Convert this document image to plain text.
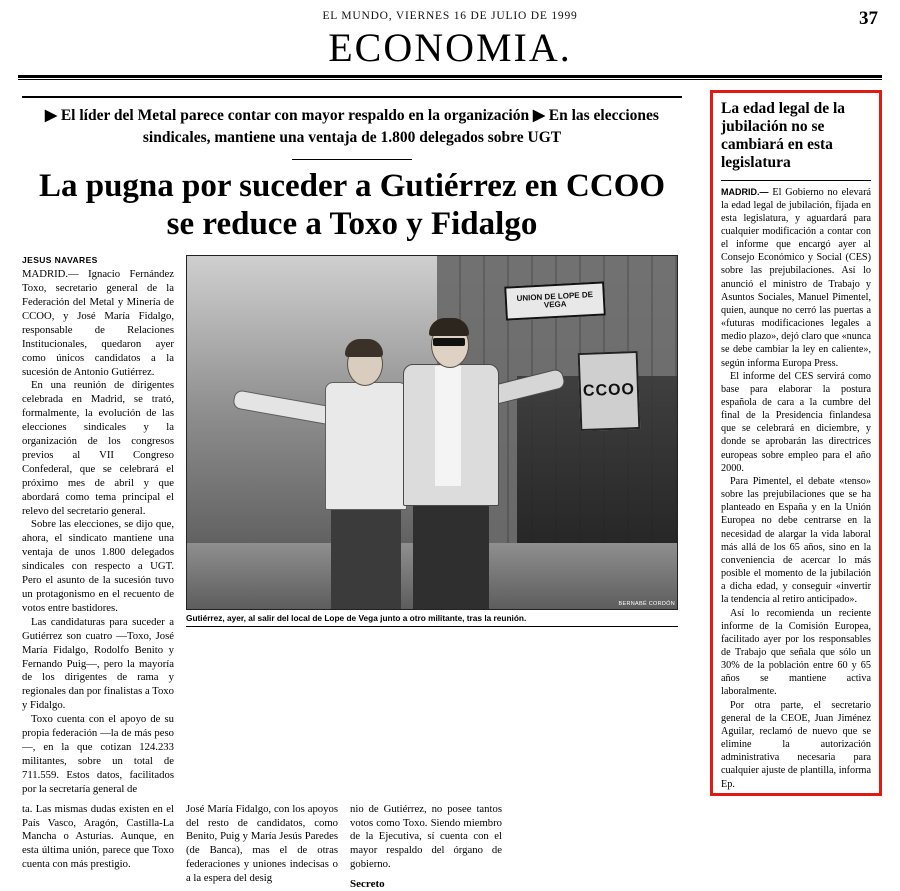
37
EL MUNDO, VIERNES 16 DE JULIO DE 1999
ECONOMIA.
▶ El líder del Metal parece contar con mayor respaldo en la organización ▶ En las elecciones sindicales, mantiene una ventaja de 1.800 delegados sobre UGT
La pugna por suceder a Gutiérrez en CCOO se reduce a Toxo y Fidalgo
JESUS NAVARES

MADRID.— Ignacio Fernández Toxo, secretario general de la Federación del Metal y Minería de CCOO, y José María Fidalgo, responsable de Relaciones Institucionales, quedaron ayer como únicos candidatos a la sucesión de Antonio Gutiérrez.

En una reunión de dirigentes celebrada en Madrid, se trató, formalmente, la evolución de las elecciones sindicales y la organización de los congresos previos al VII Congreso Confederal, que se celebrará el próximo mes de abril y que abordará como tema principal el relevo del secretario general.

Sobre las elecciones, se dijo que, ahora, el sindicato mantiene una ventaja de unos 1.800 delegados sindicales con respecto a UGT. Pero el asunto de la sucesión tuvo un protagonismo en el recuento de votos entre bastidores.

Las candidaturas para suceder a Gutiérrez son cuatro —Toxo, José María Fidalgo, Rodolfo Benito y Fernando Puig—, pero la mayoría de los dirigentes de rama y regionales dan por finalistas a Toxo y Fidalgo.

Toxo cuenta con el apoyo de su propia federación —la de más peso—, en la que cotizan 124.233 militantes, sobre un total de 711.559. Estos datos, facilitados por la secretaría general de

UNION DE LOPE DE VEGA
CCOO
BERNABÉ CORDÓN
Gutiérrez, ayer, al salir del local de Lope de Vega junto a otro militante, tras la reunión.

ta. Las mismas dudas existen en el País Vasco, Aragón, Castilla-La Mancha o Asturias. Aunque, en esta última unión, parece que Toxo cuenta con más prestigio.

José María Fidalgo, con los apoyos del resto de candidatos, como Benito, Puig y María Jesús Paredes (de Banca), mas el de otras federaciones y uniones indecisas o a la espera del desig

nio de Gutiérrez, no posee tantos votos como Toxo. Siendo miembro de la Ejecutiva, sí cuenta con el mayor respaldo del órgano de gobierno.

Secreto
La edad legal de la jubilación no se cambiará en esta legislatura

MADRID.— El Gobierno no elevará la edad legal de jubilación, fijada en esta legislatura, y aguardará para cualquier modificación a contar con el informe que encargó ayer al Consejo Económico y Social (CES) sobre las prejubilaciones. Así lo anunció el ministro de Trabajo y Asuntos Sociales, Manuel Pimentel, quien, aunque no cerró las puertas a «futuras modificaciones legales a medio plazo», dejó claro que «nunca se debe cambiar la ley en caliente», según informa Europa Press.

El informe del CES servirá como base para elaborar la postura española de cara a la cumbre del final de la Presidencia finlandesa que se celebrará en diciembre, y donde se aprobarán las directrices europeas sobre empleo para el año 2000.

Para Pimentel, el debate «tenso» sobre las prejubilaciones que se ha planteado en España y en la Unión Europea no debe centrarse en la necesidad de alargar la vida laboral más allá de los 65 años, sino en la conveniencia de acercar lo más posible el momento de la jubilación a dicha edad, y conseguir «invertir la tendencia al retiro anticipado».

Así lo recomienda un reciente informe de la Comisión Europea, facilitado ayer por los responsables de Trabajo que señala que sólo un 30% de la población entre 60 y 65 años se mantiene activa laboralmente.

Por otra parte, el secretario general de la CEOE, Juan Jiménez Aguilar, reclamó de nuevo que se elimine la autorización administrativa necesaria para cualquier ajuste de plantilla, informa Ep.
